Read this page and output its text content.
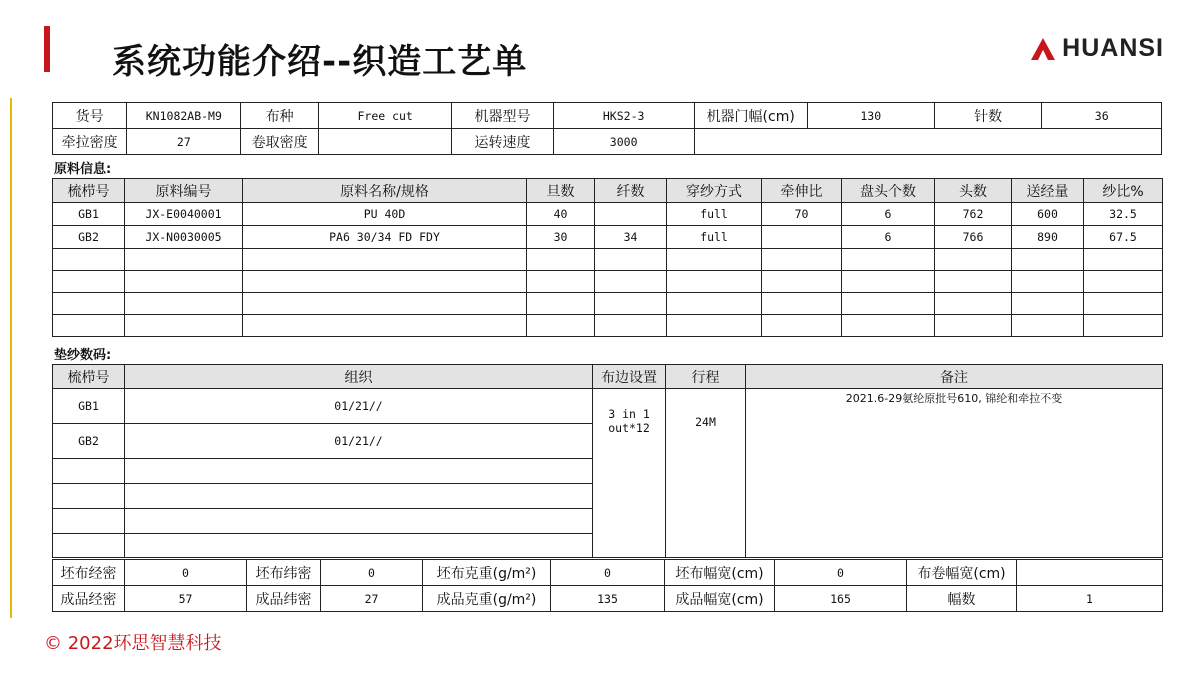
系统功能介绍--织造工艺单	HUANSI
货号	KN1082AB-M9	布种	Free cut	机器型号	HKS2-3	机器门幅(cm)	130	针数	36
牵拉密度	27	卷取密度		运转速度	3000				
原料信息:
梳栉号	原料编号	原料名称/规格	旦数	纤数	穿纱方式	牵伸比	盘头个数	头数	送经量	纱比%
GB1	JX-E0040001	PU 40D	40		full	70	6	762	600	32.5
GB2	JX-N0030005	PA6 30/34 FD FDY	30	34	full		6	766	890	67.5

垫纱数码:
梳栉号	组织	布边设置	行程	备注
GB1	01/21//	3 in 1
out*12	24M	2021.6-29氨纶原批号610, 锦纶和牵拉不变
GB2	01/21//			

坯布经密	0	坯布纬密	0	坯布克重(g/m²)	0	坯布幅宽(cm)	0	布卷幅宽(cm)	
成品经密	57	成品纬密	27	成品克重(g/m²)	135	成品幅宽(cm)	165	幅数	1
© 2022环思智慧科技
